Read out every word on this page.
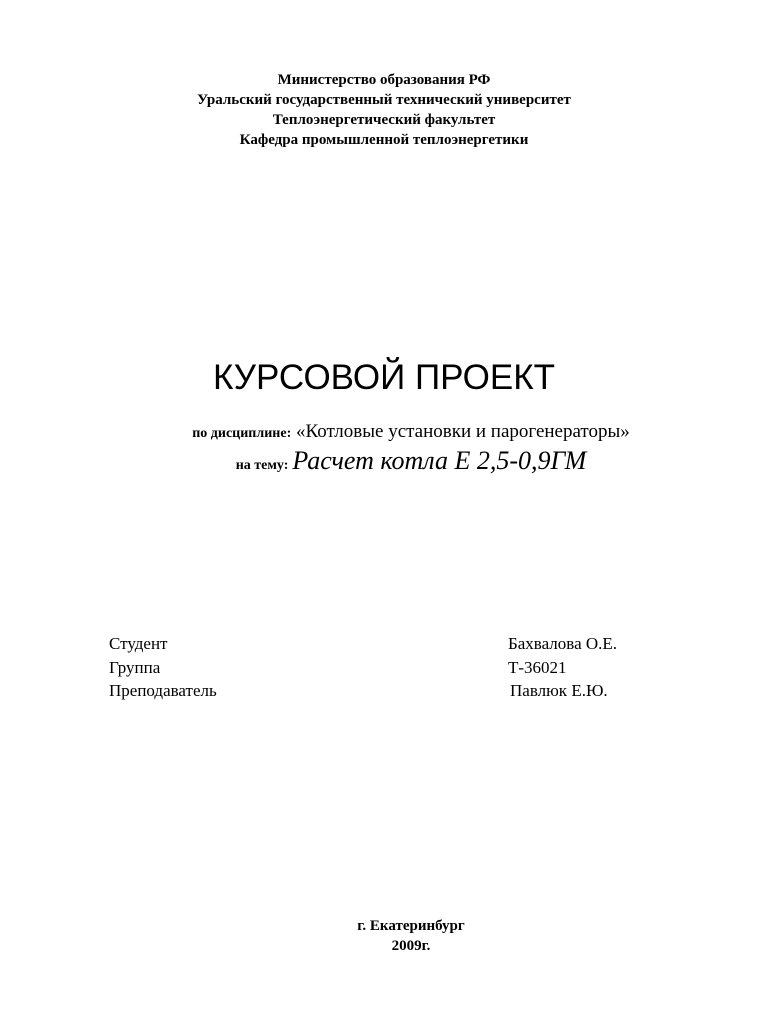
Министерство образования РФ
Уральский государственный технический университет
Теплоэнергетический факультет
Кафедра промышленной теплоэнергетики
КУРСОВОЙ ПРОЕКТ
по дисциплине: «Котловые установки и парогенераторы»
на тему: Расчет котла Е 2,5-0,9ГМ
Студент	Бахвалова О.Е.
Группа	Т-36021
Преподаватель	Павлюк Е.Ю.
г. Екатеринбург
2009г.
